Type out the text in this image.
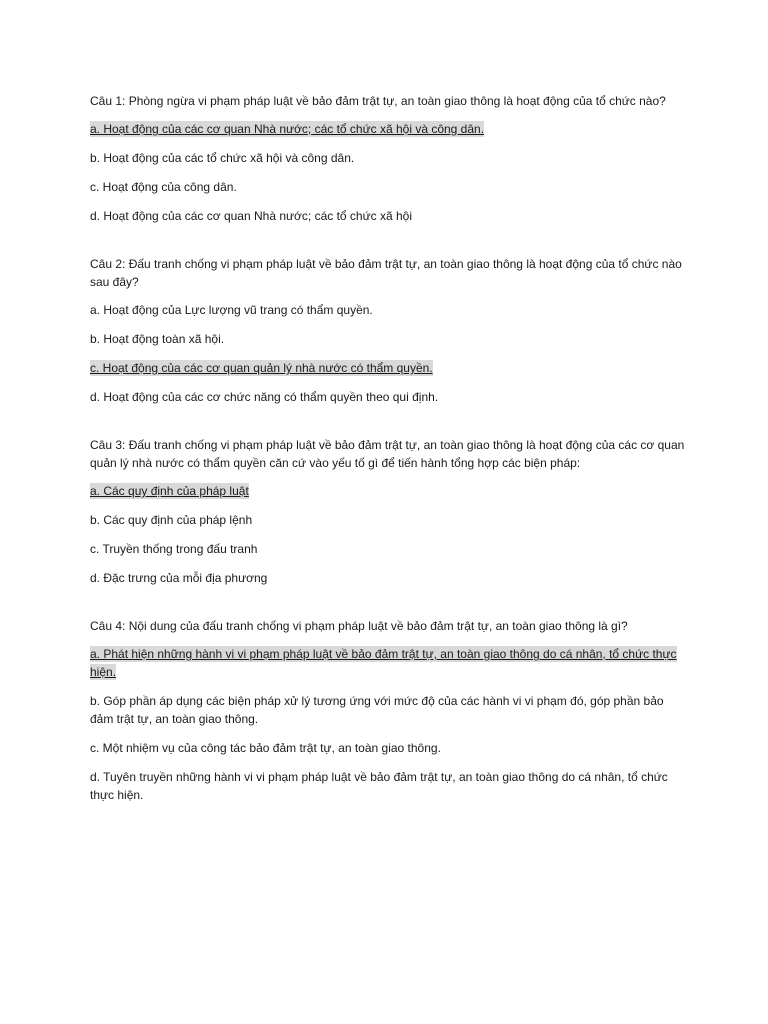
Câu 1: Phòng ngừa vi phạm pháp luật về bảo đảm trật tự, an toàn giao thông là hoạt động của tổ chức nào?

a. Hoạt động của các cơ quan Nhà nước; các tổ chức xã hội và công dân.

b. Hoạt động của các tổ chức xã hội và công dân.

c. Hoạt động của công dân.

d. Hoạt động của các cơ quan Nhà nước; các tổ chức xã hội

Câu 2: Đấu tranh chống vi phạm pháp luật về bảo đảm trật tự, an toàn giao thông là hoạt động của tổ chức nào sau đây?

a. Hoạt động của Lực lượng vũ trang có thẩm quyền.

b. Hoạt động toàn xã hội.

c. Hoạt động của các cơ quan quản lý nhà nước có thẩm quyền.

d. Hoạt động của các cơ chức năng có thẩm quyền theo qui định.

Câu 3: Đấu tranh chống vi phạm pháp luật về bảo đảm trật tự, an toàn giao thông là hoạt động của các cơ quan quản lý nhà nước có thẩm quyền căn cứ vào yếu tố gì để tiến hành tổng hợp các biện pháp:

a. Các quy định của pháp luật

b. Các quy định của pháp lệnh

c. Truyền thống trong đấu tranh

d. Đặc trưng của mỗi địa phương

Câu 4: Nội dung của đấu tranh chống vi phạm pháp luật về bảo đảm trật tự, an toàn giao thông là gì?

a. Phát hiện những hành vi vi phạm pháp luật về bảo đảm trật tự, an toàn giao thông do cá nhân, tổ chức thực hiện.

b. Góp phần áp dụng các biện pháp xử lý tương ứng với mức độ của các hành vi vi phạm đó, góp phần bảo đảm trật tự, an toàn giao thông.

c. Một nhiệm vụ của công tác bảo đảm trật tự, an toàn giao thông.

d. Tuyên truyền những hành vi vi phạm pháp luật về bảo đảm trật tự, an toàn giao thông do cá nhân, tổ chức thực hiện.
